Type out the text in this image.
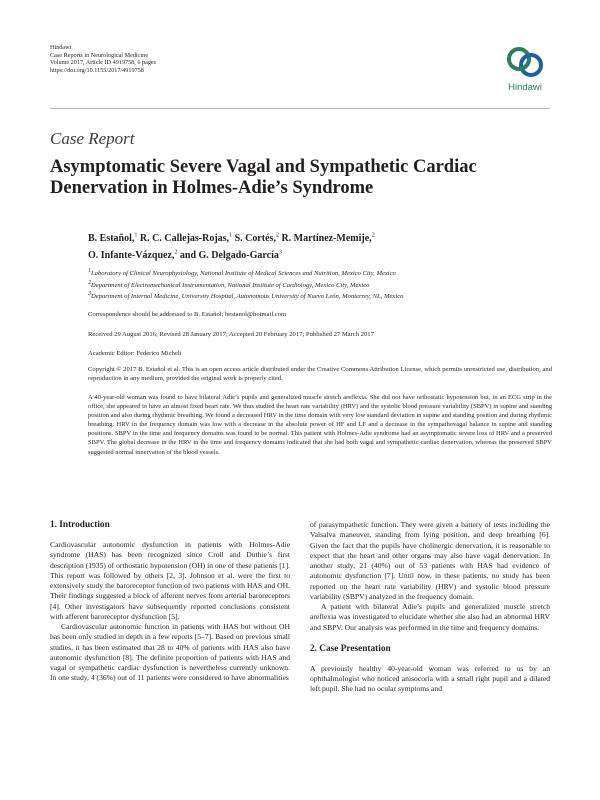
Hindawi
Case Reports in Neurological Medicine
Volume 2017, Article ID 4919758, 6 pages
https://doi.org/10.1155/2017/4919758
Hindawi
Case Report
Asymptomatic Severe Vagal and Sympathetic Cardiac
Denervation in Holmes-Adie’s Syndrome
B. Estañol,$^1$ R. C. Callejas-Rojas,$^1$ S. Cortés,$^2$ R. Martínez-Memije,$^2$
O. Infante-Vázquez,$^2$ and G. Delgado-García$^3$
$^1$Laboratory of Clinical Neurophysiology, National Institute of Medical Sciences and Nutrition, Mexico City, Mexico
$^2$Department of Electromechanical Instrumentation, National Institute of Cardiology, Mexico City, Mexico
$^3$Department of Internal Medicine, University Hospital, Autonomous University of Nuevo León, Monterrey, NL, Mexico
Correspondence should be addressed to B. Estañol; bestanol@hotmail.com
Received 29 August 2016; Revised 28 January 2017; Accepted 20 February 2017; Published 27 March 2017
Academic Editor: Federico Micheli
Copyright © 2017 B. Estañol et al. This is an open access article distributed under the Creative Commons Attribution License, which permits unrestricted use, distribution, and reproduction in any medium, provided the original work is properly cited.
A 40-year-old woman was found to have bilateral Adie’s pupils and generalized muscle stretch areflexia. She did not have orthostatic hypotension but, in an ECG strip in the office, she appeared to have an almost fixed heart rate. We thus studied the heart rate variability (HRV) and the systolic blood pressure variability (SBPV) in supine and standing position and also during rhythmic breathing. We found a decreased HRV in the time domain with very low standard deviation in supine and standing position and during rhythmic breathing. HRV in the frequency domain was low with a decrease in the absolute power of HF and LF and a decrease in the sympathovagal balance in supine and standing positions. SBPV in the time and frequency domains was found to be normal. This patient with Holmes-Adie syndrome had an asymptomatic severe loss of HRV and a preserved SBPV. The global decrease in the HRV in the time and frequency domains indicated that she had both vagal and sympathetic cardiac denervation, whereas the preserved SBPV suggested normal innervation of the blood vessels.
1. Introduction

Cardiovascular autonomic dysfunction in patients with Holmes-Adie syndrome (HAS) has been recognized since Croll and Duthie’s first description (1935) of orthostatic hypotension (OH) in one of these patients [1]. This report was followed by others [2, 3]. Johnson et al. were the first to extensively study the baroreceptor function of two patients with HAS and OH. Their findings suggested a block of afferent nerves from arterial baroreceptors [4]. Other investigators have subsequently reported conclusions consistent with afferent baroreceptor dysfunction [5].

Cardiovascular autonomic function in patients with HAS but without OH has been only studied in depth in a few reports [5–7]. Based on previous small studies, it has been estimated that 28 to 40% of patients with HAS also have autonomic dysfunction [8]. The definite proportion of patients with HAS and vagal or sympathetic cardiac dysfunction is nevertheless currently unknown. In one study, 4 (36%) out of 11 patients were considered to have abnormalities

of parasympathetic function. They were given a battery of tests including the Valsalva maneuver, standing from lying position, and deep breathing [6]. Given the fact that the pupils have cholinergic denervation, it is reasonable to expect that the heart and other organs may also have vagal denervation. In another study, 21 (40%) out of 53 patients with HAS had evidence of autonomic dysfunction [7]. Until now, in these patients, no study has been reported on the heart rate variability (HRV) and systolic blood pressure variability (SBPV) analyzed in the frequency domain.

A patient with bilateral Adie’s pupils and generalized muscle stretch areflexia was investigated to elucidate whether she also had an abnormal HRV and SBPV. Our analysis was performed in the time and frequency domains.

2. Case Presentation

A previously healthy 40-year-old woman was referred to us by an ophthalmologist who noticed anisocoria with a small right pupil and a dilated left pupil. She had no ocular symptoms and
